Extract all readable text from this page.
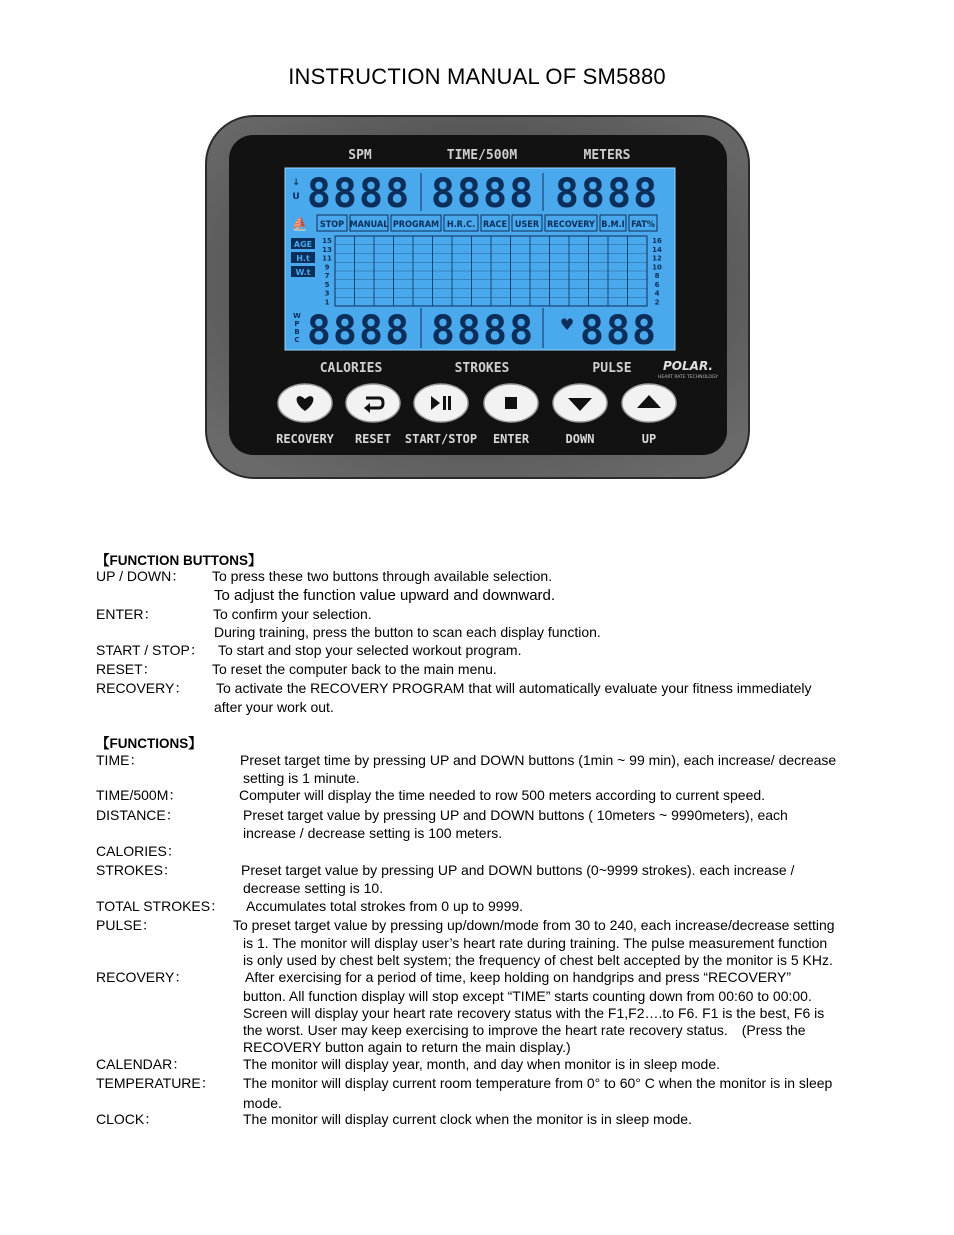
INSTRUCTION MANUAL OF SM5880
↓
U
W
P
B
C
8888 8888 8888
8888 8888 888
♥
⛵ STOP MANUAL PROGRAM H.R.C. RACE USER RECOVERY B.M.I FAT%
AGE
H.t
W.t
15
13
11
9
7
5
3
1
16
14
12
10
8
6
4
2
SPM	TIME/500M	METERS
CALORIES	STROKES	PULSE	POLAR.
HEART RATE TECHNOLOGY
RECOVERY RESET START/STOP ENTER	DOWN	UP
【FUNCTION BUTTONS】
UP / DOWN： To press these two buttons through available selection.
To adjust the function value upward and downward.
ENTER：	To confirm your selection.
During training, press the button to scan each display function.
START / STOP： To start and stop your selected workout program.
RESET：	To reset the computer back to the main menu.
RECOVERY： To activate the RECOVERY PROGRAM that will automatically evaluate your fitness immediately
after your work out.
【FUNCTIONS】
TIME：	Preset target time by pressing UP and DOWN buttons (1min ~ 99 min), each increase/ decrease
setting is 1 minute.
TIME/500M：	Computer will display the time needed to row 500 meters according to current speed.
DISTANCE：	Preset target value by pressing UP and DOWN buttons ( 10meters ~ 9990meters), each
increase / decrease setting is 100 meters.
CALORIES：
STROKES：	Preset target value by pressing UP and DOWN buttons (0~9999 strokes). each increase /
decrease setting is 10.
TOTAL STROKES： Accumulates total strokes from 0 up to 9999.
PULSE：	To preset target value by pressing up/down/mode from 30 to 240, each increase/decrease setting
is 1. The monitor will display user’s heart rate during training. The pulse measurement function
is only used by chest belt system; the frequency of chest belt accepted by the monitor is 5 KHz.
RECOVERY：	After exercising for a period of time, keep holding on handgrips and press “RECOVERY”
button. All function display will stop except “TIME” starts counting down from 00:60 to 00:00.
Screen will display your heart rate recovery status with the F1,F2….to F6. F1 is the best, F6 is
the worst. User may keep exercising to improve the heart rate recovery status.　(Press the
RECOVERY button again to return the main display.)
CALENDAR：	The monitor will display year, month, and day when monitor is in sleep mode.
TEMPERATURE： The monitor will display current room temperature from 0° to 60° C when the monitor is in sleep
mode.
CLOCK：	The monitor will display current clock when the monitor is in sleep mode.
